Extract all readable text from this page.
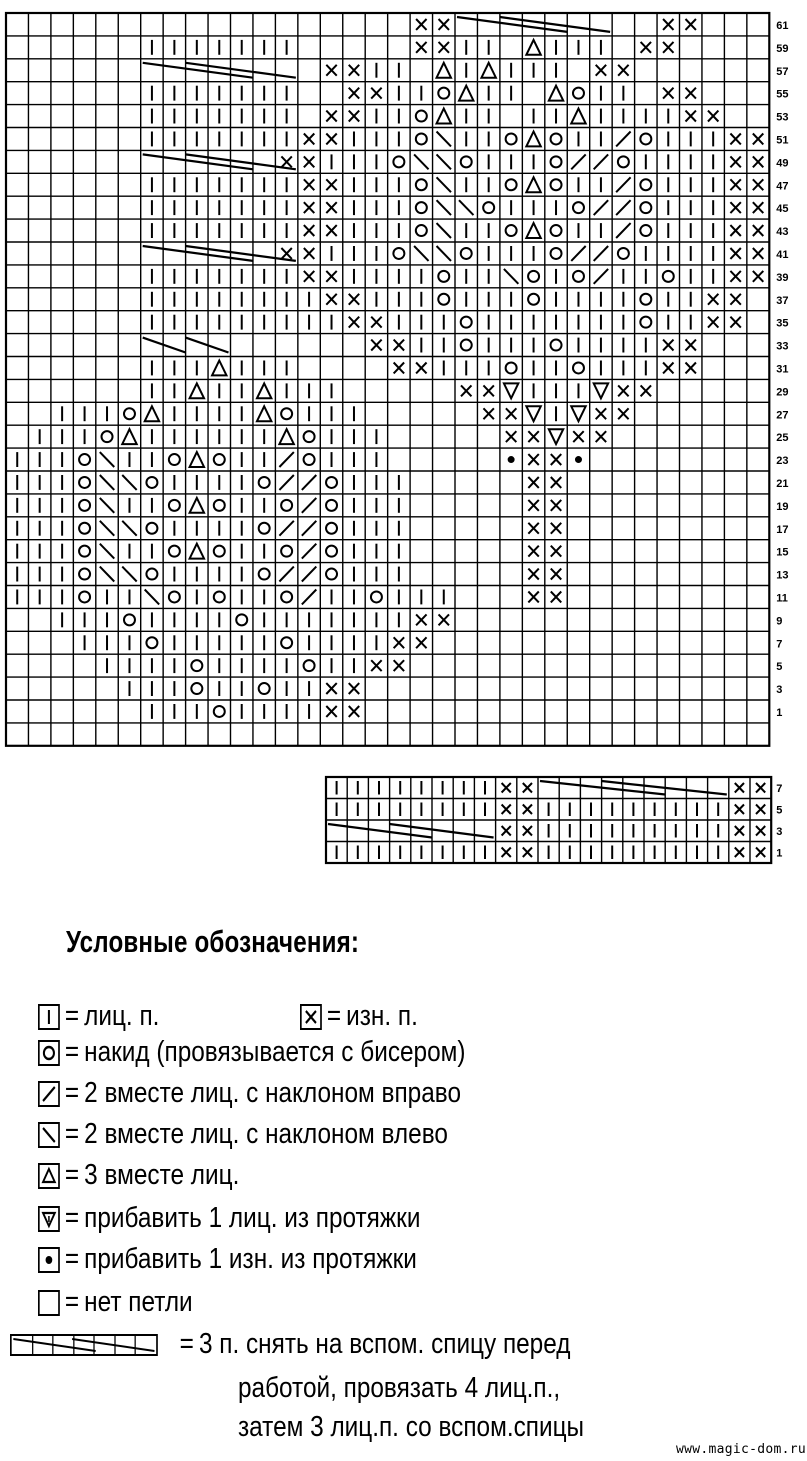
61
59
57
55
53
51
49
47
45
43
41
39
37
35
33
31
29
27
25
23
21
19
17
15
13
11
9
7
5
3
1
7
5
3
1
Условные обозначения:
= лиц. п.	= изн. п.
= накид (провязывается с бисером)
= 2 вместе лиц. с наклоном вправо
= 2 вместе лиц. с наклоном влево
= 3 вместе лиц.
= прибавить 1 лиц. из протяжки
= прибавить 1 изн. из протяжки
= нет петли
= 3 п. снять на вспом. спицу перед
работой, провязать 4 лиц.п.,
затем 3 лиц.п. со вспом.спицы
www.magic-dom.ru
